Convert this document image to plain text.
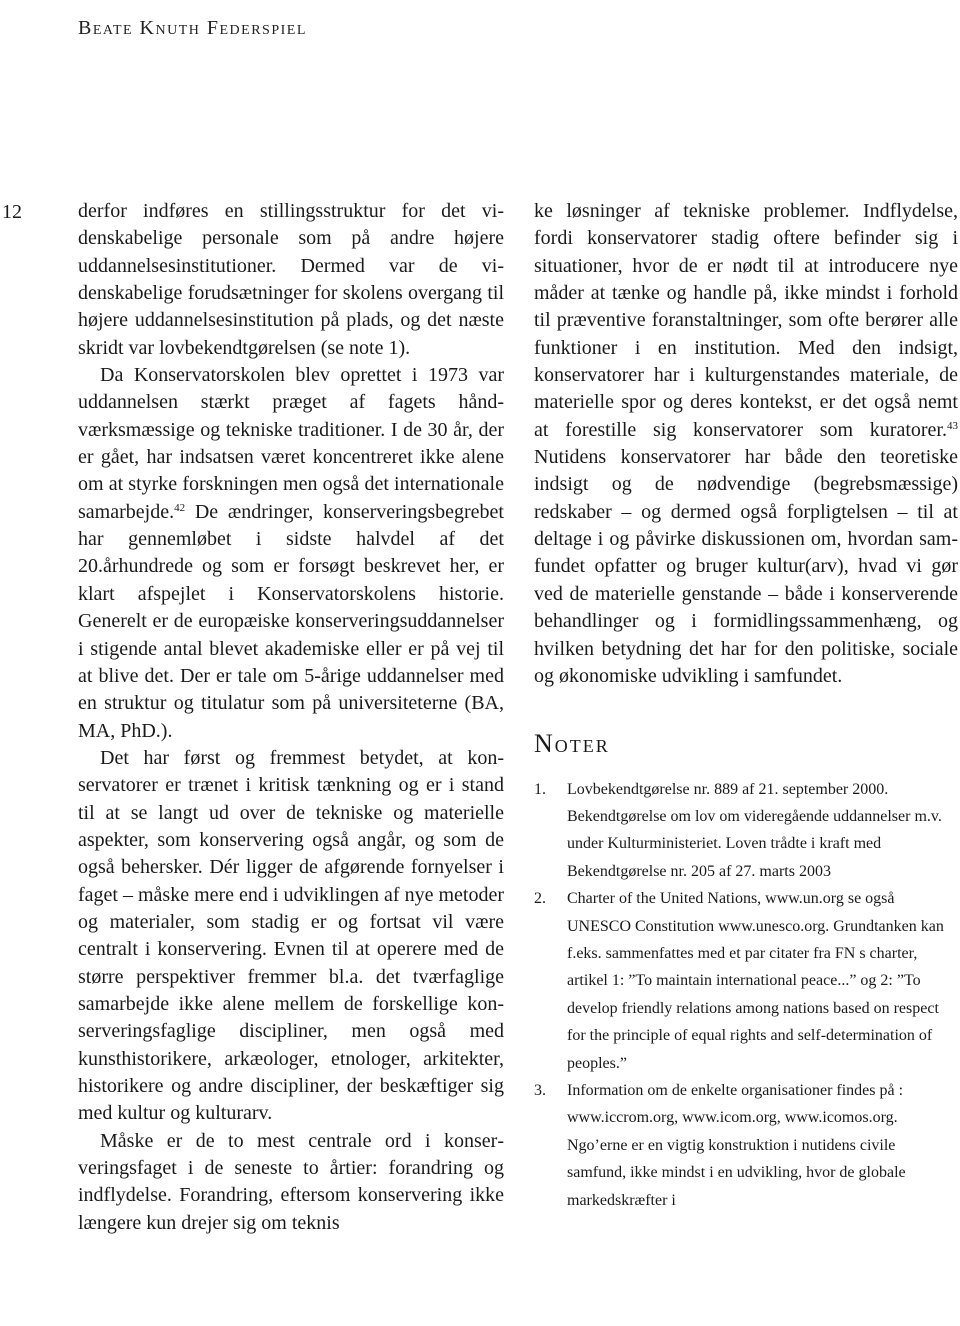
Beate Knuth Federspiel
12	derfor indføres en stillingsstruktur for det videnskabelige personale som på andre højere uddannelsesinstitutioner. Dermed var de videnskabelige forudsætninger for skolens overgang til højere uddannelsesinstitution på plads, og det næste skridt var lovbekendtgørelsen (se note 1).

Da Konservatorskolen blev oprettet i 1973 var uddannelsen stærkt præget af fagets håndværksmæssige og tekniske traditioner. I de 30 år, der er gået, har indsatsen været koncentreret ikke alene om at styrke forskningen men også det internationale samarbejde.$^{42}$ De ændringer, konserveringsbegrebet har gennemløbet i sidste halvdel af det 20.århundrede og som er forsøgt beskrevet her, er klart afspejlet i Konservatorskolens historie. Generelt er de europæiske konserveringsuddannelser i stigende antal blevet akademiske eller er på vej til at blive det. Der er tale om 5-årige uddannelser med en struktur og titulatur som på universiteterne (BA, MA, PhD.).

Det har først og fremmest betydet, at konservatorer er trænet i kritisk tænkning og er i stand til at se langt ud over de tekniske og materielle aspekter, som konservering også angår, og som de også behersker. Dér ligger de afgørende fornyelser i faget – måske mere end i udviklingen af nye metoder og materialer, som stadig er og fortsat vil være centralt i konservering. Evnen til at operere med de større perspektiver fremmer bl.a. det tværfaglige samarbejde ikke alene mellem de forskellige konserveringsfaglige discipliner, men også med kunsthistorikere, arkæologer, etnologer, arkitekter, historikere og andre discipliner, der beskæftiger sig med kultur og kulturarv.

Måske er de to mest centrale ord i konserveringsfaget i de seneste to årtier: forandring og indflydelse. Forandring, eftersom konservering ikke længere kun drejer sig om teknis

ke løsninger af tekniske problemer. Indflydelse, fordi konservatorer stadig oftere befinder sig i situationer, hvor de er nødt til at introducere nye måder at tænke og handle på, ikke mindst i forhold til præventive foranstaltninger, som ofte berører alle funktioner i en institution. Med den indsigt, konservatorer har i kulturgenstandes materiale, de materielle spor og deres kontekst, er det også nemt at forestille sig konservatorer som kuratorer.$^{43}$ Nutidens konservatorer har både den teoretiske indsigt og de nødvendige (begrebsmæssige) redskaber – og dermed også forpligtelsen – til at deltage i og påvirke diskussionen om, hvordan samfundet opfatter og bruger kultur(arv), hvad vi gør ved de materielle genstande – både i konserverende behandlinger og i formidlingssammenhæng, og hvilken betydning det har for den politiske, sociale og økonomiske udvikling i samfundet.

Noter
1.	Lovbekendtgørelse nr. 889 af 21. september 2000. Bekendtgørelse om lov om videregående uddannelser m.v. under Kulturministeriet. Loven trådte i kraft med Bekendtgørelse nr. 205 af 27. marts 2003
2.	Charter of the United Nations, www.un.org se også UNESCO Constitution www.unesco.org. Grundtanken kan f.eks. sammenfattes med et par citater fra FN s charter, artikel 1: ”To maintain international peace...” og 2: ”To develop friendly relations among nations based on respect for the principle of equal rights and self-determination of peoples.”
3.	Information om de enkelte organisationer findes på : www.iccrom.org, www.icom.org, www.icomos.org. Ngo’erne er en vigtig konstruktion i nutidens civile samfund, ikke mindst i en udvikling, hvor de globale markedskræfter i
